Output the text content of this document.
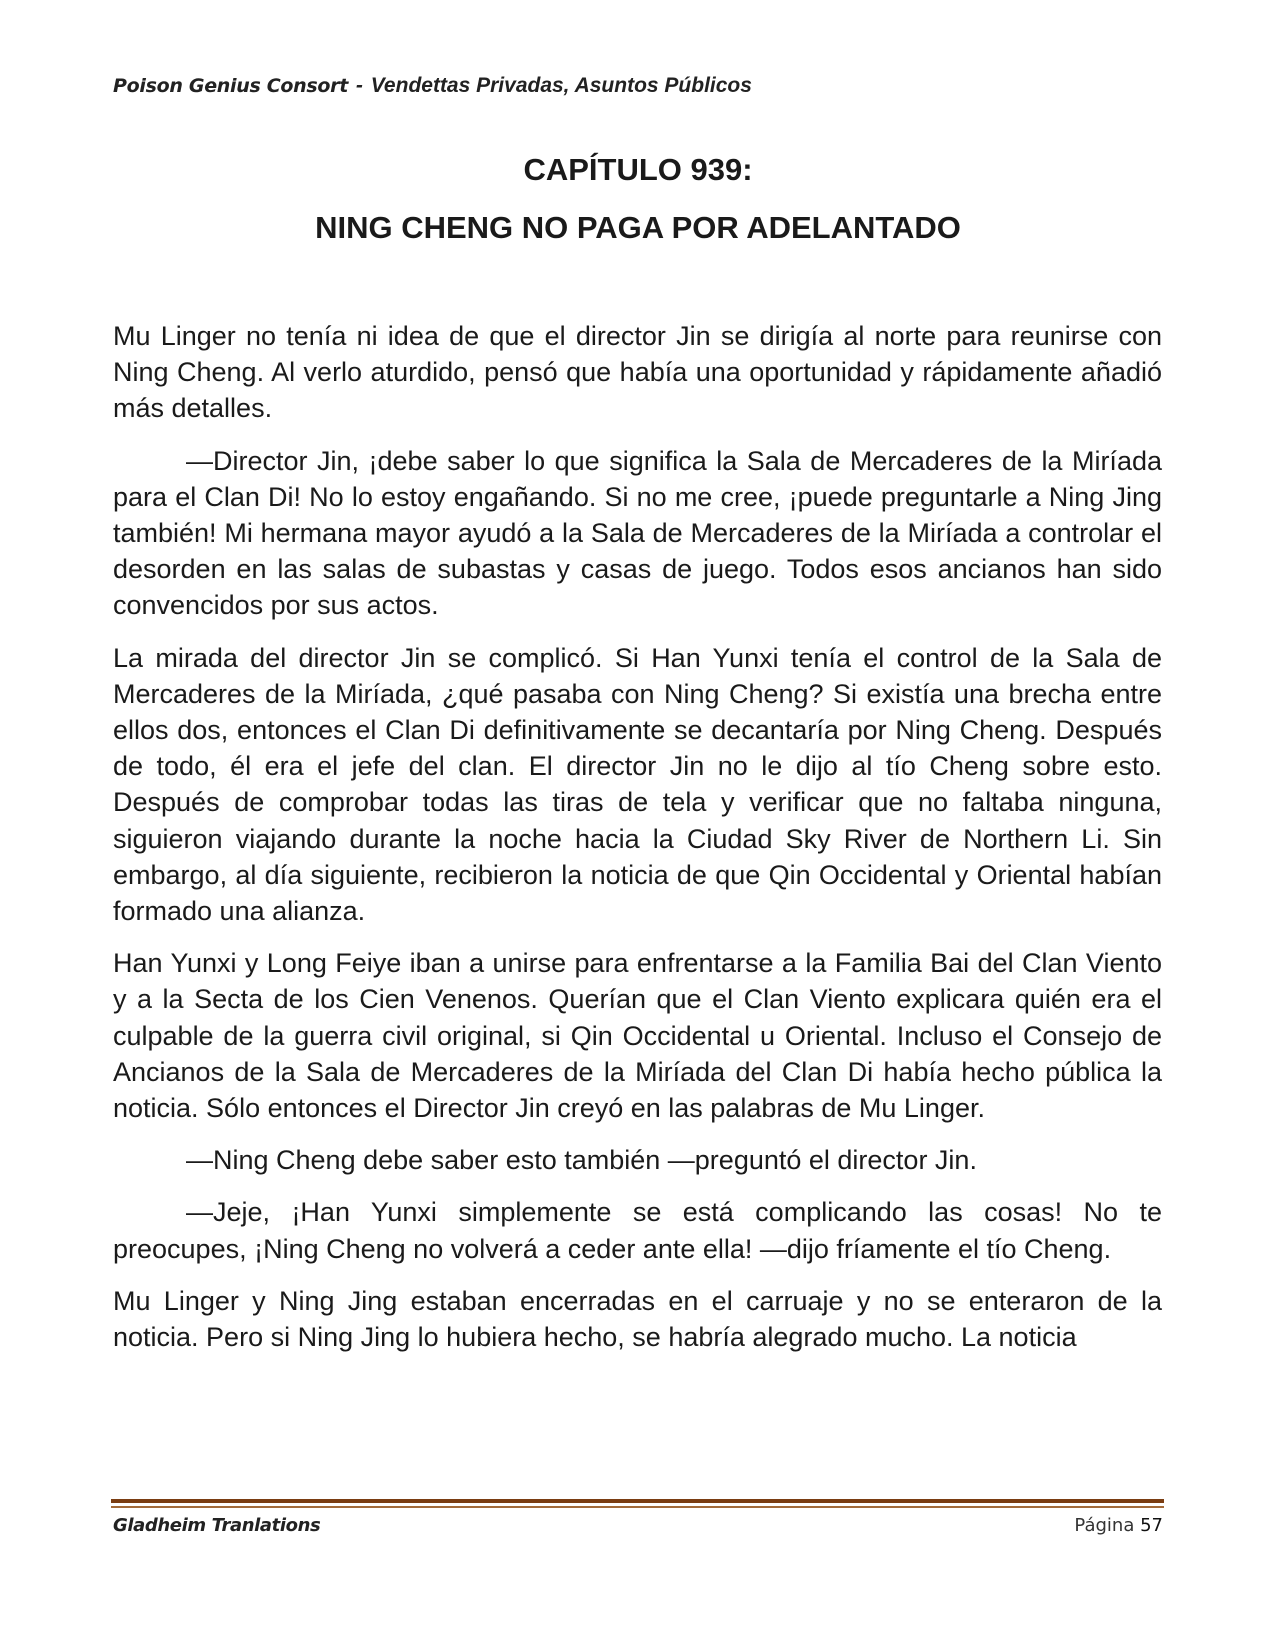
Poison Genius Consort - Vendettas Privadas, Asuntos Públicos
CAPÍTULO 939:
NING CHENG NO PAGA POR ADELANTADO

Mu Linger no tenía ni idea de que el director Jin se dirigía al norte para reunirse con Ning Cheng. Al verlo aturdido, pensó que había una oportunidad y rápidamente añadió más detalles.

—Director Jin, ¡debe saber lo que significa la Sala de Mercaderes de la Miríada para el Clan Di! No lo estoy engañando. Si no me cree, ¡puede preguntarle a Ning Jing también! Mi hermana mayor ayudó a la Sala de Mercaderes de la Miríada a controlar el desorden en las salas de subastas y casas de juego. Todos esos ancianos han sido convencidos por sus actos.

La mirada del director Jin se complicó. Si Han Yunxi tenía el control de la Sala de Mercaderes de la Miríada, ¿qué pasaba con Ning Cheng? Si existía una brecha entre ellos dos, entonces el Clan Di definitivamente se decantaría por Ning Cheng. Después de todo, él era el jefe del clan. El director Jin no le dijo al tío Cheng sobre esto. Después de comprobar todas las tiras de tela y verificar que no faltaba ninguna, siguieron viajando durante la noche hacia la Ciudad Sky River de Northern Li. Sin embargo, al día siguiente, recibieron la noticia de que Qin Occidental y Oriental habían formado una alianza.

Han Yunxi y Long Feiye iban a unirse para enfrentarse a la Familia Bai del Clan Viento y a la Secta de los Cien Venenos. Querían que el Clan Viento explicara quién era el culpable de la guerra civil original, si Qin Occidental u Oriental. Incluso el Consejo de Ancianos de la Sala de Mercaderes de la Miríada del Clan Di había hecho pública la noticia. Sólo entonces el Director Jin creyó en las palabras de Mu Linger.

—Ning Cheng debe saber esto también —preguntó el director Jin.

—Jeje, ¡Han Yunxi simplemente se está complicando las cosas! No te preocupes, ¡Ning Cheng no volverá a ceder ante ella! —dijo fríamente el tío Cheng.

Mu Linger y Ning Jing estaban encerradas en el carruaje y no se enteraron de la noticia. Pero si Ning Jing lo hubiera hecho, se habría alegrado mucho. La noticia

Gladheim Tranlations	Página 57
